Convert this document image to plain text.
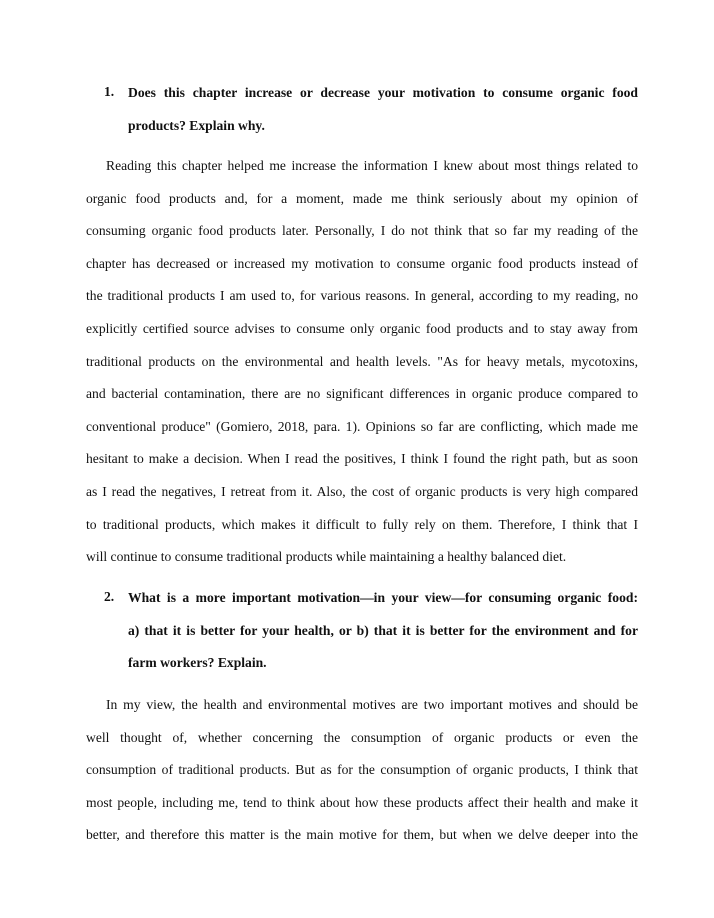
1. Does this chapter increase or decrease your motivation to consume organic food
products? Explain why.
Reading this chapter helped me increase the information I knew about most things related to
organic food products and, for a moment, made me think seriously about my opinion of
consuming organic food products later. Personally, I do not think that so far my reading of the
chapter has decreased or increased my motivation to consume organic food products instead of
the traditional products I am used to, for various reasons. In general, according to my reading, no
explicitly certified source advises to consume only organic food products and to stay away from
traditional products on the environmental and health levels. "As for heavy metals, mycotoxins,
and bacterial contamination, there are no significant differences in organic produce compared to
conventional produce" (Gomiero, 2018, para. 1). Opinions so far are conflicting, which made me
hesitant to make a decision. When I read the positives, I think I found the right path, but as soon
as I read the negatives, I retreat from it. Also, the cost of organic products is very high compared
to traditional products, which makes it difficult to fully rely on them. Therefore, I think that I
will continue to consume traditional products while maintaining a healthy balanced diet.
2. What is a more important motivation—in your view—for consuming organic food:
a) that it is better for your health, or b) that it is better for the environment and for
farm workers? Explain.
In my view, the health and environmental motives are two important motives and should be
well thought of, whether concerning the consumption of organic products or even the
consumption of traditional products. But as for the consumption of organic products, I think that
most people, including me, tend to think about how these products affect their health and make it
better, and therefore this matter is the main motive for them, but when we delve deeper into the
